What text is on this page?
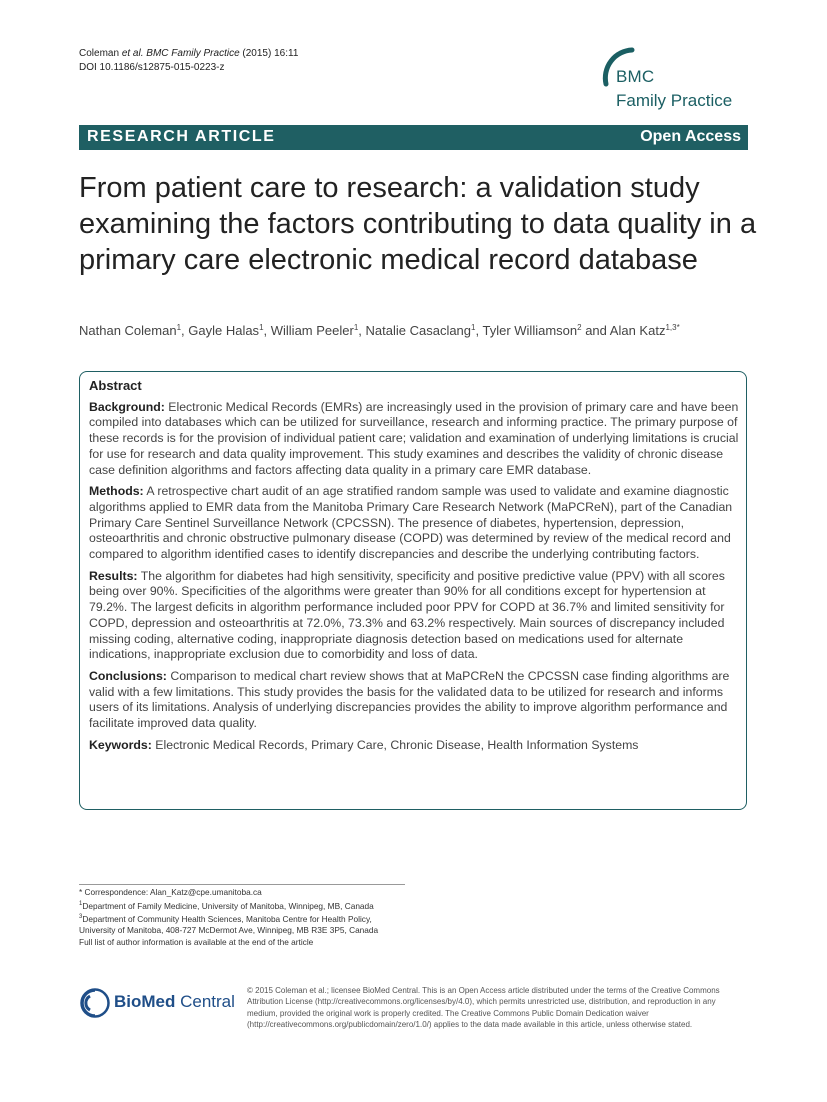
Coleman et al. BMC Family Practice (2015) 16:11
DOI 10.1186/s12875-015-0223-z	BMC
Family Practice
RESEARCH ARTICLE	Open Access
From patient care to research: a validation study examining the factors contributing to data quality in a primary care electronic medical record database
Nathan Coleman$^1$, Gayle Halas$^1$, William Peeler$^1$, Natalie Casaclang$^1$, Tyler Williamson$^2$ and Alan Katz$^{1,3*}$
Abstract

Background: Electronic Medical Records (EMRs) are increasingly used in the provision of primary care and have been compiled into databases which can be utilized for surveillance, research and informing practice. The primary purpose of these records is for the provision of individual patient care; validation and examination of underlying limitations is crucial for use for research and data quality improvement. This study examines and describes the validity of chronic disease case definition algorithms and factors affecting data quality in a primary care EMR database.

Methods: A retrospective chart audit of an age stratified random sample was used to validate and examine diagnostic algorithms applied to EMR data from the Manitoba Primary Care Research Network (MaPCReN), part of the Canadian Primary Care Sentinel Surveillance Network (CPCSSN). The presence of diabetes, hypertension, depression, osteoarthritis and chronic obstructive pulmonary disease (COPD) was determined by review of the medical record and compared to algorithm identified cases to identify discrepancies and describe the underlying contributing factors.

Results: The algorithm for diabetes had high sensitivity, specificity and positive predictive value (PPV) with all scores being over 90%. Specificities of the algorithms were greater than 90% for all conditions except for hypertension at 79.2%. The largest deficits in algorithm performance included poor PPV for COPD at 36.7% and limited sensitivity for COPD, depression and osteoarthritis at 72.0%, 73.3% and 63.2% respectively. Main sources of discrepancy included missing coding, alternative coding, inappropriate diagnosis detection based on medications used for alternate indications, inappropriate exclusion due to comorbidity and loss of data.

Conclusions: Comparison to medical chart review shows that at MaPCReN the CPCSSN case finding algorithms are valid with a few limitations. This study provides the basis for the validated data to be utilized for research and informs users of its limitations. Analysis of underlying discrepancies provides the ability to improve algorithm performance and facilitate improved data quality.

Keywords: Electronic Medical Records, Primary Care, Chronic Disease, Health Information Systems

* Correspondence: Alan_Katz@cpe.umanitoba.ca
$^1$Department of Family Medicine, University of Manitoba, Winnipeg, MB, Canada
$^3$Department of Community Health Sciences, Manitoba Centre for Health Policy, University of Manitoba, 408-727 McDermot Ave, Winnipeg, MB R3E 3P5, Canada
Full list of author information is available at the end of the article
BioMed Central
© 2015 Coleman et al.; licensee BioMed Central. This is an Open Access article distributed under the terms of the Creative Commons Attribution License (http://creativecommons.org/licenses/by/4.0), which permits unrestricted use, distribution, and reproduction in any medium, provided the original work is properly credited. The Creative Commons Public Domain Dedication waiver (http://creativecommons.org/publicdomain/zero/1.0/) applies to the data made available in this article, unless otherwise stated.
